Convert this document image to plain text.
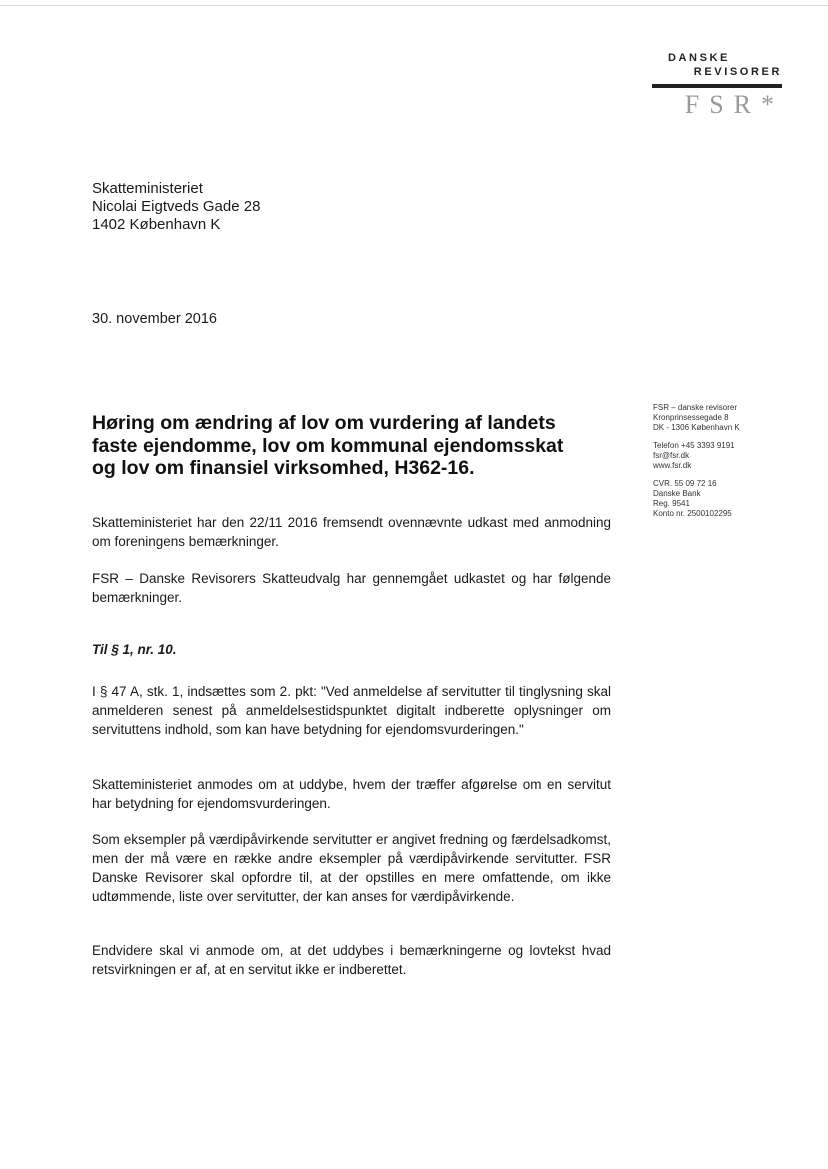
DANSKE
REVISORER
FSR*
Skatteministeriet
Nicolai Eigtveds Gade 28
1402 København K
30. november 2016
FSR – danske revisorer
Kronprinsessegade 8
DK - 1306 København K
Telefon +45 3393 9191
fsr@fsr.dk
www.fsr.dk
CVR. 55 09 72 16
Danske Bank
Reg. 9541
Konto nr. 2500102295
Høring om ændring af lov om vurdering af landets
faste ejendomme, lov om kommunal ejendomsskat
og lov om finansiel virksomhed, H362-16.

Skatteministeriet har den 22/11 2016 fremsendt ovennævnte udkast med anmodning om foreningens bemærkninger.

FSR – Danske Revisorers Skatteudvalg har gennemgået udkastet og har følgende bemærkninger.

Til § 1, nr. 10.

I § 47 A, stk. 1, indsættes som 2. pkt: "Ved anmeldelse af servitutter til tinglysning skal anmelderen senest på anmeldelsestidspunktet digitalt indberette oplysninger om servituttens indhold, som kan have betydning for ejendomsvurderingen."

Skatteministeriet anmodes om at uddybe, hvem der træffer afgørelse om en servitut har betydning for ejendomsvurderingen.

Som eksempler på værdipåvirkende servitutter er angivet fredning og færdelsadkomst, men der må være en række andre eksempler på værdipåvirkende servitutter. FSR Danske Revisorer skal opfordre til, at der opstilles en mere omfattende, om ikke udtømmende, liste over servitutter, der kan anses for værdipåvirkende.

Endvidere skal vi anmode om, at det uddybes i bemærkningerne og lovtekst hvad retsvirkningen er af, at en servitut ikke er indberettet.
